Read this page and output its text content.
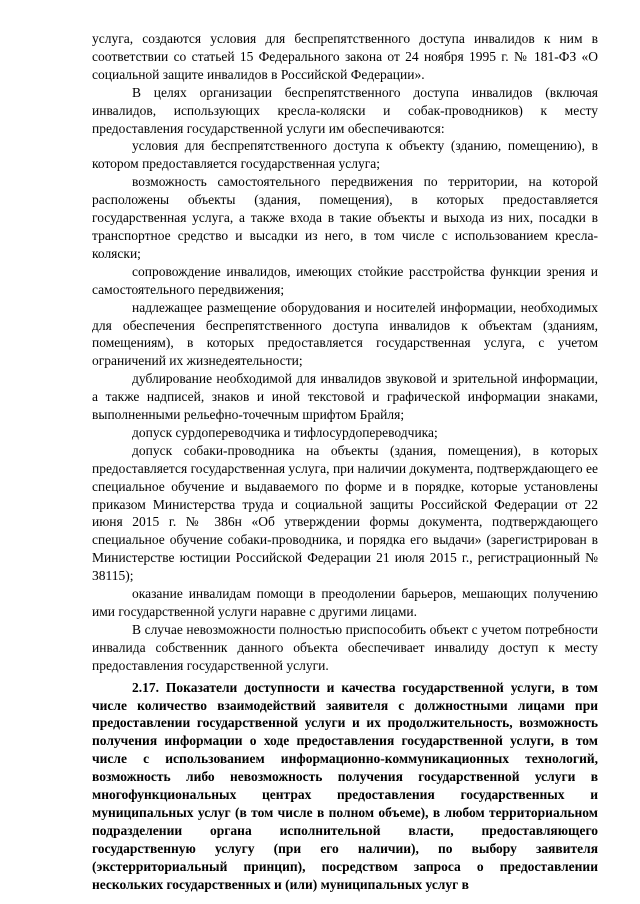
услуга, создаются условия для беспрепятственного доступа инвалидов к ним в соответствии со статьей 15 Федерального закона от 24 ноября 1995 г. № 181-ФЗ «О социальной защите инвалидов в Российской Федерации».

В целях организации беспрепятственного доступа инвалидов (включая инвалидов, использующих кресла-коляски и собак-проводников) к месту предоставления государственной услуги им обеспечиваются:

условия для беспрепятственного доступа к объекту (зданию, помещению), в котором предоставляется государственная услуга;

возможность самостоятельного передвижения по территории, на которой расположены объекты (здания, помещения), в которых предоставляется государственная услуга, а также входа в такие объекты и выхода из них, посадки в транспортное средство и высадки из него, в том числе с использованием кресла-коляски;

сопровождение инвалидов, имеющих стойкие расстройства функции зрения и самостоятельного передвижения;

надлежащее размещение оборудования и носителей информации, необходимых для обеспечения беспрепятственного доступа инвалидов к объектам (зданиям, помещениям), в которых предоставляется государственная услуга, с учетом ограничений их жизнедеятельности;

дублирование необходимой для инвалидов звуковой и зрительной информации, а также надписей, знаков и иной текстовой и графической информации знаками, выполненными рельефно-точечным шрифтом Брайля;

допуск сурдопереводчика и тифлосурдопереводчика;

допуск собаки-проводника на объекты (здания, помещения), в которых предоставляется государственная услуга, при наличии документа, подтверждающего ее специальное обучение и выдаваемого по форме и в порядке, которые установлены приказом Министерства труда и социальной защиты Российской Федерации от 22 июня 2015 г. № 386н «Об утверждении формы документа, подтверждающего специальное обучение собаки-проводника, и порядка его выдачи» (зарегистрирован в Министерстве юстиции Российской Федерации 21 июля 2015 г., регистрационный № 38115);

оказание инвалидам помощи в преодолении барьеров, мешающих получению ими государственной услуги наравне с другими лицами.

В случае невозможности полностью приспособить объект с учетом потребности инвалида собственник данного объекта обеспечивает инвалиду доступ к месту предоставления государственной услуги.

2.17. Показатели доступности и качества государственной услуги, в том числе количество взаимодействий заявителя с должностными лицами при предоставлении государственной услуги и их продолжительность, возможность получения информации о ходе предоставления государственной услуги, в том числе с использованием информационно-коммуникационных технологий, возможность либо невозможность получения государственной услуги в многофункциональных центрах предоставления государственных и муниципальных услуг (в том числе в полном объеме), в любом территориальном подразделении органа исполнительной власти, предоставляющего государственную услугу (при его наличии), по выбору заявителя (экстерриториальный принцип), посредством запроса о предоставлении нескольких государственных и (или) муниципальных услуг в
